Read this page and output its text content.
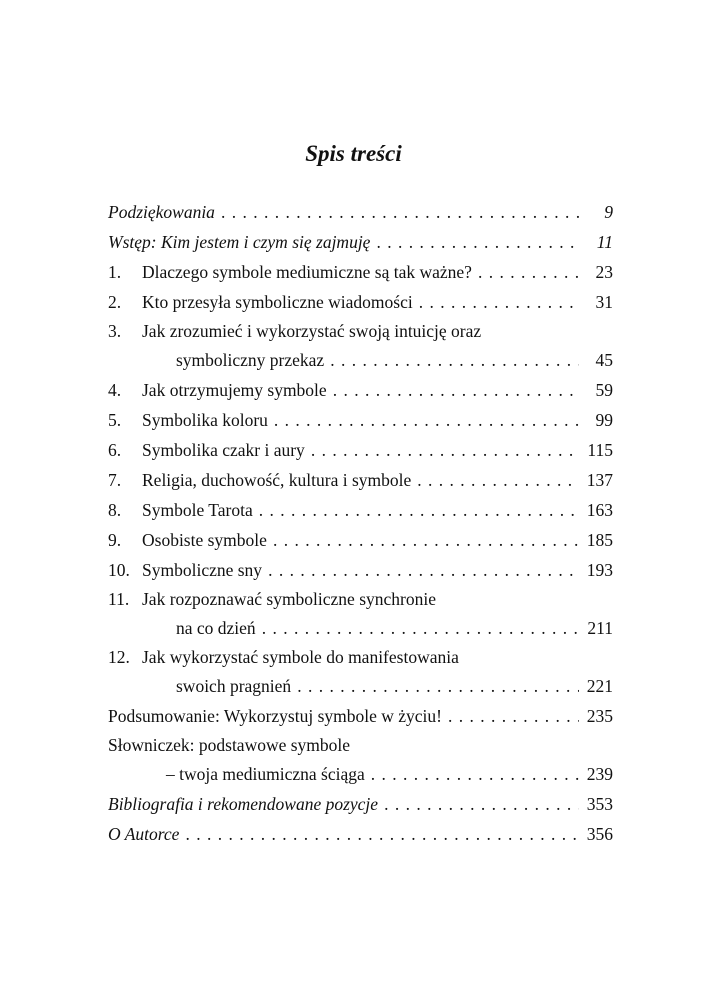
Spis treści
Podziękowania . . .	9
Wstęp: Kim jestem i czym się zajmuję . . .	11
1.	Dlaczego symbole mediumiczne są tak ważne? . . .	23
2.	Kto przesyła symboliczne wiadomości . . .	31
3.	Jak zrozumieć i wykorzystać swoją intuicję oraz
symboliczny przekaz . . .	45
4.	Jak otrzymujemy symbole . . .	59
5.	Symbolika koloru . . .	99
6.	Symbolika czakr i aury . . .	115
7.	Religia, duchowość, kultura i symbole . . .	137
8.	Symbole Tarota . . .	163
9.	Osobiste symbole . . .	185
10. Symboliczne sny . . .	193
11. Jak rozpoznawać symboliczne synchronie
na co dzień . . .	211
12. Jak wykorzystać symbole do manifestowania
swoich pragnień . . .	221
Podsumowanie: Wykorzystuj symbole w życiu! . . .	235
Słowniczek: podstawowe symbole
– twoja mediumiczna ściąga . . .	239
Bibliografia i rekomendowane pozycje . . .	353
O Autorce . . .	356
